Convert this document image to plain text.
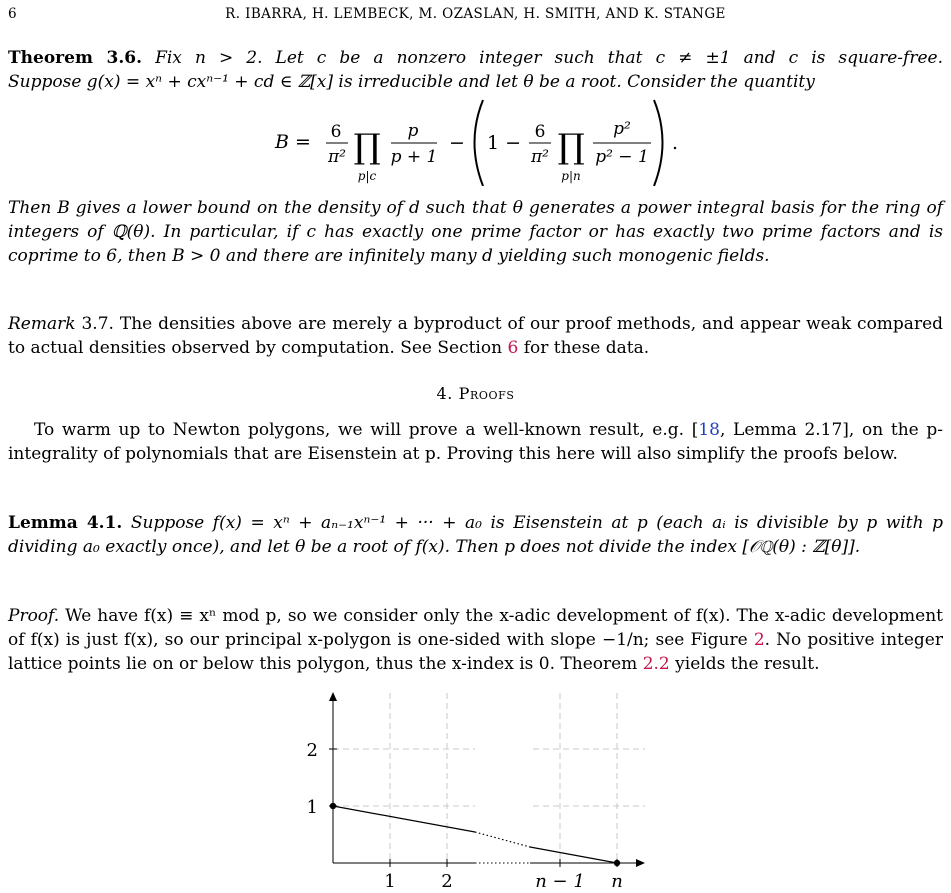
6	R. IBARRA, H. LEMBECK, M. OZASLAN, H. SMITH, AND K. STANGE
Theorem 3.6. Fix n > 2. Let c be a nonzero integer such that c ≠ ±1 and c is square-free.
Suppose g(x) = xⁿ + cxⁿ⁻¹ + cd ∈ ℤ[x] is irreducible and let θ be a root. Consider the quantity
B = 6
π² ∏
p|c
p
p + 1
− 1 − 6
π² ∏
p|n
p²
p² − 1
.
Then B gives a lower bound on the density of d such that θ generates a power integral basis for the ring of integers of ℚ(θ). In particular, if c has exactly one prime factor or has exactly two prime factors and is coprime to 6, then B > 0 and there are infinitely many d yielding such monogenic fields.
Remark 3.7. The densities above are merely a byproduct of our proof methods, and appear weak compared to actual densities observed by computation. See Section 6 for these data.
4. Proofs
To warm up to Newton polygons, we will prove a well-known result, e.g. [18, Lemma 2.17], on the p-integrality of polynomials that are Eisenstein at p. Proving this here will also simplify the proofs below.
Lemma 4.1. Suppose f(x) = xⁿ + aₙ₋₁xⁿ⁻¹ + ··· + a₀ is Eisenstein at p (each aᵢ is divisible by p with p dividing a₀ exactly once), and let θ be a root of f(x). Then p does not divide the index [𝒪ℚ(θ) : ℤ[θ]].
Proof. We have f(x) ≡ xⁿ mod p, so we consider only the x-adic development of f(x). The x-adic development of f(x) is just f(x), so our principal x-polygon is one-sided with slope −1/n; see Figure 2. No positive integer lattice points lie on or below this polygon, thus the x-index is 0. Theorem 2.2 yields the result.
2
1
1	2	n − 1 n
